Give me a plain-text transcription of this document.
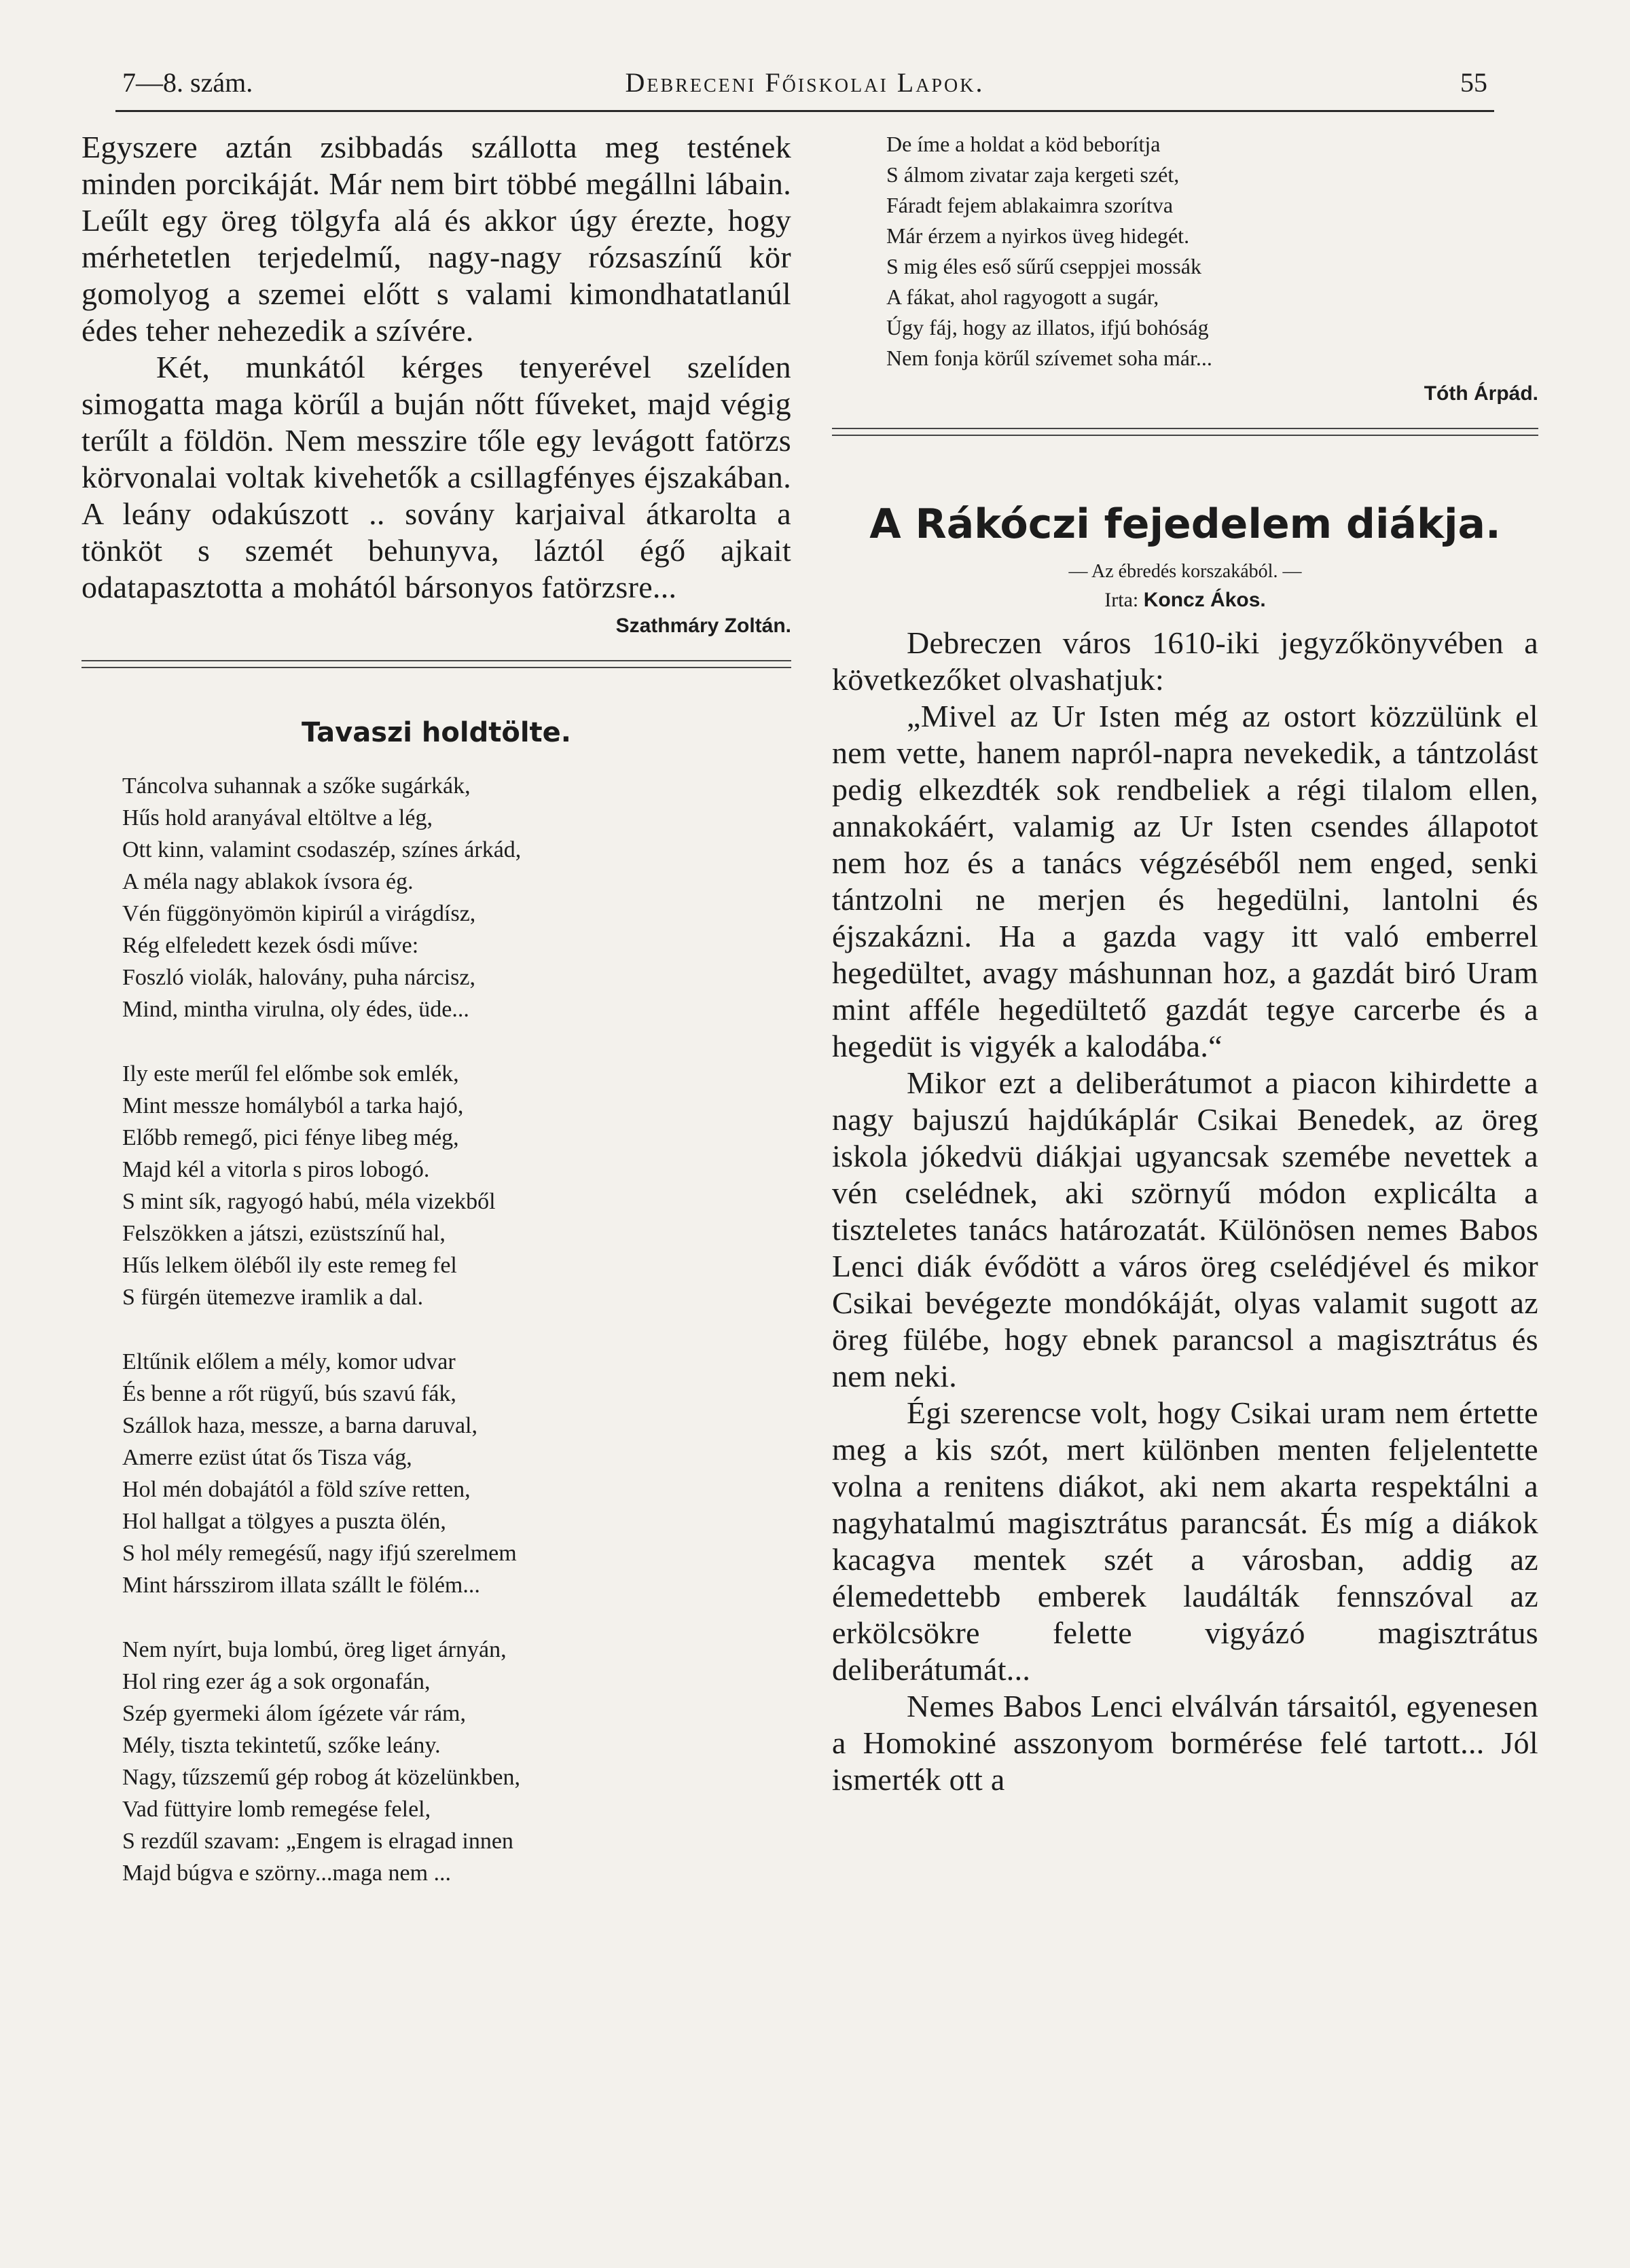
7—8. szám.	Debreceni Főiskolai Lapok.	55

Egyszere aztán zsibbadás szállotta meg testének minden porcikáját. Már nem birt többé megállni lábain. Leűlt egy öreg tölgyfa alá és akkor úgy érezte, hogy mérhetetlen terjedelmű, nagy-nagy rózsaszínű kör gomolyog a szemei előtt s valami kimondhatatlanúl édes teher nehezedik a szívére.

Két, munkától kérges tenyerével szelíden simogatta maga körűl a buján nőtt fűveket, majd végig terűlt a földön. Nem messzire tőle egy levágott fatörzs körvonalai voltak kivehetők a csillagfényes éjszakában. A leány odakúszott .. sovány karjaival átkarolta a tönköt s szemét behunyva, láztól égő ajkait odatapasztotta a mohától bársonyos fatörzsre...

Szathmáry Zoltán.

Tavaszi holdtölte.
Táncolva suhannak a szőke sugárkák,
Hűs hold aranyával eltöltve a lég,
Ott kinn, valamint csodaszép, színes árkád,
A méla nagy ablakok ívsora ég.
Vén függönyömön kipirúl a virágdísz,
Rég elfeledett kezek ósdi műve:
Foszló violák, halovány, puha nárcisz,
Mind, mintha virulna, oly édes, üde...
Ily este merűl fel előmbe sok emlék,
Mint messze homályból a tarka hajó,
Előbb remegő, pici fénye libeg még,
Majd kél a vitorla s piros lobogó.
S mint sík, ragyogó habú, méla vizekből
Felszökken a játszi, ezüstszínű hal,
Hűs lelkem öléből ily este remeg fel
S fürgén ütemezve iramlik a dal.
Eltűnik előlem a mély, komor udvar
És benne a rőt rügyű, bús szavú fák,
Szállok haza, messze, a barna daruval,
Amerre ezüst útat ős Tisza vág,
Hol mén dobajától a föld szíve retten,
Hol hallgat a tölgyes a puszta ölén,
S hol mély remegésű, nagy ifjú szerelmem
Mint hársszirom illata szállt le fölém...
Nem nyírt, buja lombú, öreg liget árnyán,
Hol ring ezer ág a sok orgonafán,
Szép gyermeki álom ígézete vár rám,
Mély, tiszta tekintetű, szőke leány.
Nagy, tűzszemű gép robog át közelünkben,
Vad füttyire lomb remegése felel,
S rezdűl szavam: „Engem is elragad innen
Majd búgva e szörny...maga nem ...
De íme a holdat a köd beborítja
S álmom zivatar zaja kergeti szét,
Fáradt fejem ablakaimra szorítva
Már érzem a nyirkos üveg hidegét.
S mig éles eső sűrű cseppjei mossák
A fákat, ahol ragyogott a sugár,
Úgy fáj, hogy az illatos, ifjú bohóság
Nem fonja körűl szívemet soha már...

Tóth Árpád.

A Rákóczi fejedelem diákja.

— Az ébredés korszakából. —

Irta: Koncz Ákos.

Debreczen város 1610-iki jegyzőkönyvében a következőket olvashatjuk:

„Mivel az Ur Isten még az ostort közzülünk el nem vette, hanem napról-napra nevekedik, a tántzolást pedig elkezdték sok rendbeliek a régi tilalom ellen, annakokáért, valamig az Ur Isten csendes állapotot nem hoz és a tanács végzéséből nem enged, senki tántzolni ne merjen és hegedülni, lantolni és éjszakázni. Ha a gazda vagy itt való emberrel hegedültet, avagy máshunnan hoz, a gazdát biró Uram mint afféle hegedültető gazdát tegye carcerbe és a hegedüt is vigyék a kalodába.“

Mikor ezt a deliberátumot a piacon kihirdette a nagy bajuszú hajdúkáplár Csikai Benedek, az öreg iskola jókedvü diákjai ugyancsak szemébe nevettek a vén cselédnek, aki szörnyű módon explicálta a tiszteletes tanács határozatát. Különösen nemes Babos Lenci diák évődött a város öreg cselédjével és mikor Csikai bevégezte mondókáját, olyas valamit sugott az öreg fülébe, hogy ebnek parancsol a magisztrátus és nem neki.

Égi szerencse volt, hogy Csikai uram nem értette meg a kis szót, mert különben menten feljelentette volna a renitens diákot, aki nem akarta respektálni a nagyhatalmú magisztrátus parancsát. És míg a diákok kacagva mentek szét a városban, addig az élemedettebb emberek laudálták fennszóval az erkölcsökre felette vigyázó magisztrátus deliberátumát...

Nemes Babos Lenci elválván társaitól, egyenesen a Homokiné asszonyom bormérése felé tartott... Jól ismerték ott a
